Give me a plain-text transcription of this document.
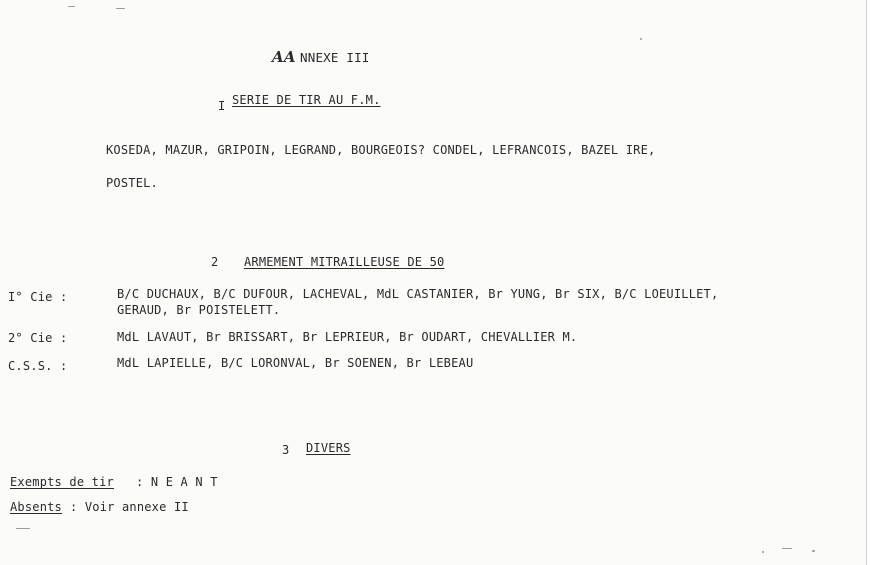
AA NNEXE III
I SERIE DE TIR AU F.M.
KOSEDA, MAZUR, GRIPOIN, LEGRAND, BOURGEOIS? CONDEL, LEFRANCOIS, BAZEL IRE,
POSTEL.
2 ARMEMENT MITRAILLEUSE DE 50
I° Cie :	B/C DUCHAUX, B/C DUFOUR, LACHEVAL, MdL CASTANIER, Br YUNG, Br SIX, B/C LOEUILLET,
GERAUD, Br POISTELETT.
2° Cie :	MdL LAVAUT, Br BRISSART, Br LEPRIEUR, Br OUDART, CHEVALLIER M.
C.S.S. :	MdL LAPIELLE, B/C LORONVAL, Br SOENEN, Br LEBEAU
3 DIVERS
Exempts de tir : N E A N T
Absents : Voir annexe II
